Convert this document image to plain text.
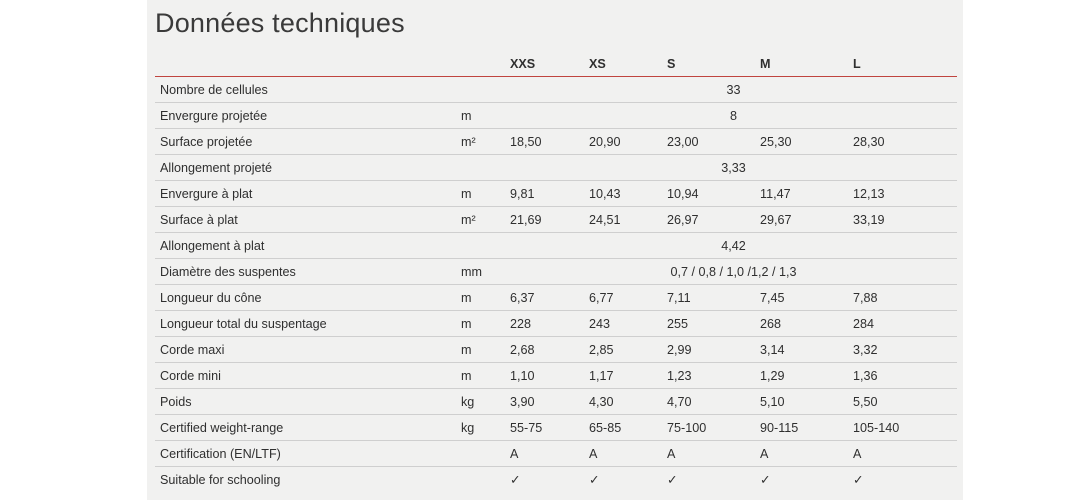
Données techniques
		XXS	XS	S	M	L
Nombre de cellules		33				
Envergure projetée	m	8				
Surface projetée	m²	18,50	20,90	23,00	25,30	28,30
Allongement projeté		3,33				
Envergure à plat	m	9,81	10,43	10,94	11,47	12,13
Surface à plat	m²	21,69	24,51	26,97	29,67	33,19
Allongement à plat		4,42				
Diamètre des suspentes	mm	0,7 / 0,8 / 1,0 /1,2 / 1,3				
Longueur du cône	m	6,37	6,77	7,11	7,45	7,88
Longueur total du suspentage	m	228	243	255	268	284
Corde maxi	m	2,68	2,85	2,99	3,14	3,32
Corde mini	m	1,10	1,17	1,23	1,29	1,36
Poids	kg	3,90	4,30	4,70	5,10	5,50
Certified weight-range	kg	55-75	65-85	75-100	90-115	105-140
Certification (EN/LTF)		A	A	A	A	A
Suitable for schooling		✓	✓	✓	✓	✓
